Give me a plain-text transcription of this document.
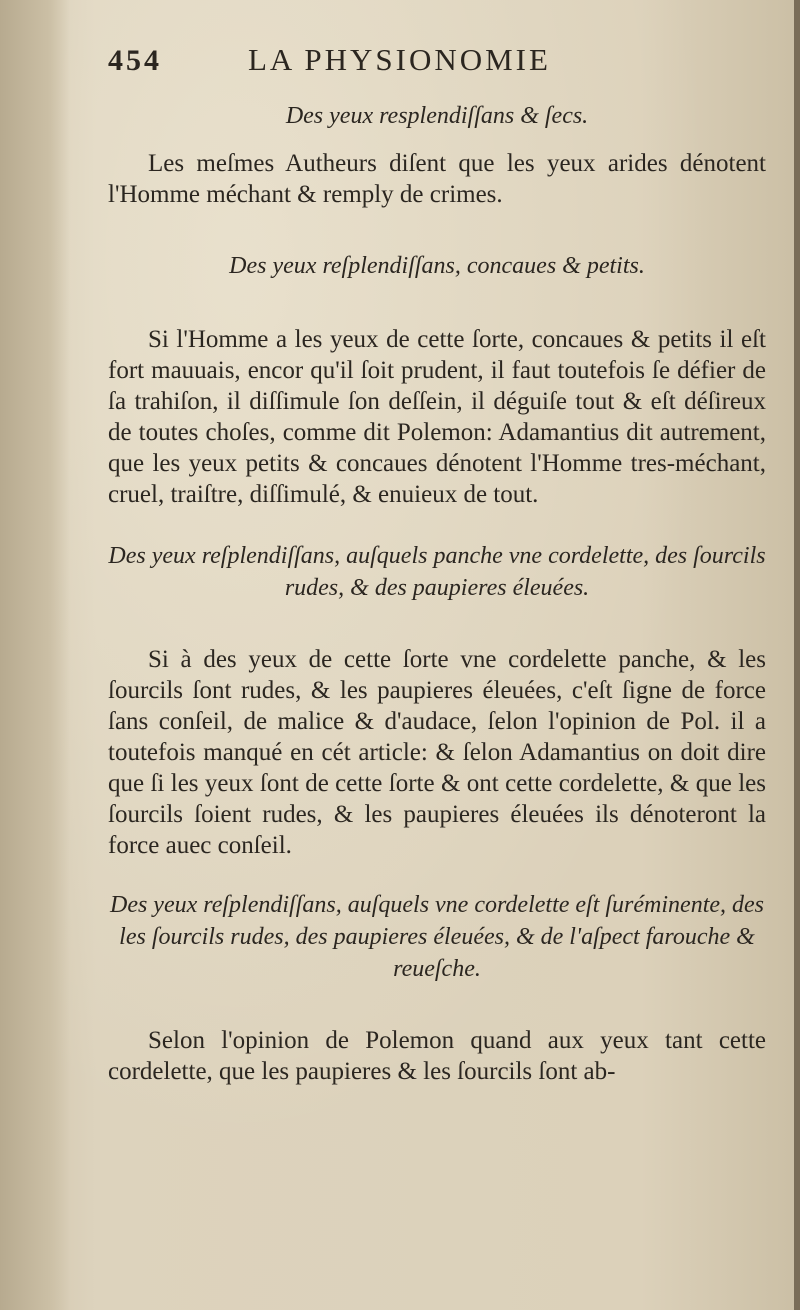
454	LA PHYSIONOMIE

Des yeux resplendiſſans & ſecs.

Les meſmes Autheurs diſent que les yeux arides dénotent l'Homme méchant & remply de crimes.

Des yeux reſplendiſſans, concaues & petits.

Si l'Homme a les yeux de cette ſorte, concaues & petits il eſt fort mauuais, encor qu'il ſoit prudent, il faut toutefois ſe défier de ſa trahiſon, il diſſimule ſon deſſein, il déguiſe tout & eſt déſireux de toutes choſes, comme dit Polemon: Adamantius dit autrement, que les yeux petits & concaues dénotent l'Homme tres-méchant, cruel, traiſtre, diſſimulé, & enuieux de tout.

Des yeux reſplendiſſans, auſquels panche vne cordelette, des ſourcils rudes, & des paupieres éleuées.

Si à des yeux de cette ſorte vne cordelette panche, & les ſourcils ſont rudes, & les paupieres éleuées, c'eſt ſigne de force ſans conſeil, de malice & d'audace, ſelon l'opinion de Pol. il a toutefois manqué en cét article: & ſelon Adamantius on doit dire que ſi les yeux ſont de cette ſorte & ont cette cordelette, & que les ſourcils ſoient rudes, & les paupieres éleuées ils dénoteront la force auec conſeil.

Des yeux reſplendiſſans, auſquels vne cordelette eſt ſuréminente, des les ſourcils rudes, des paupieres éleuées, & de l'aſpect farouche & reueſche.

Selon l'opinion de Polemon quand aux yeux tant cette cordelette, que les paupieres & les ſourcils ſont ab-
